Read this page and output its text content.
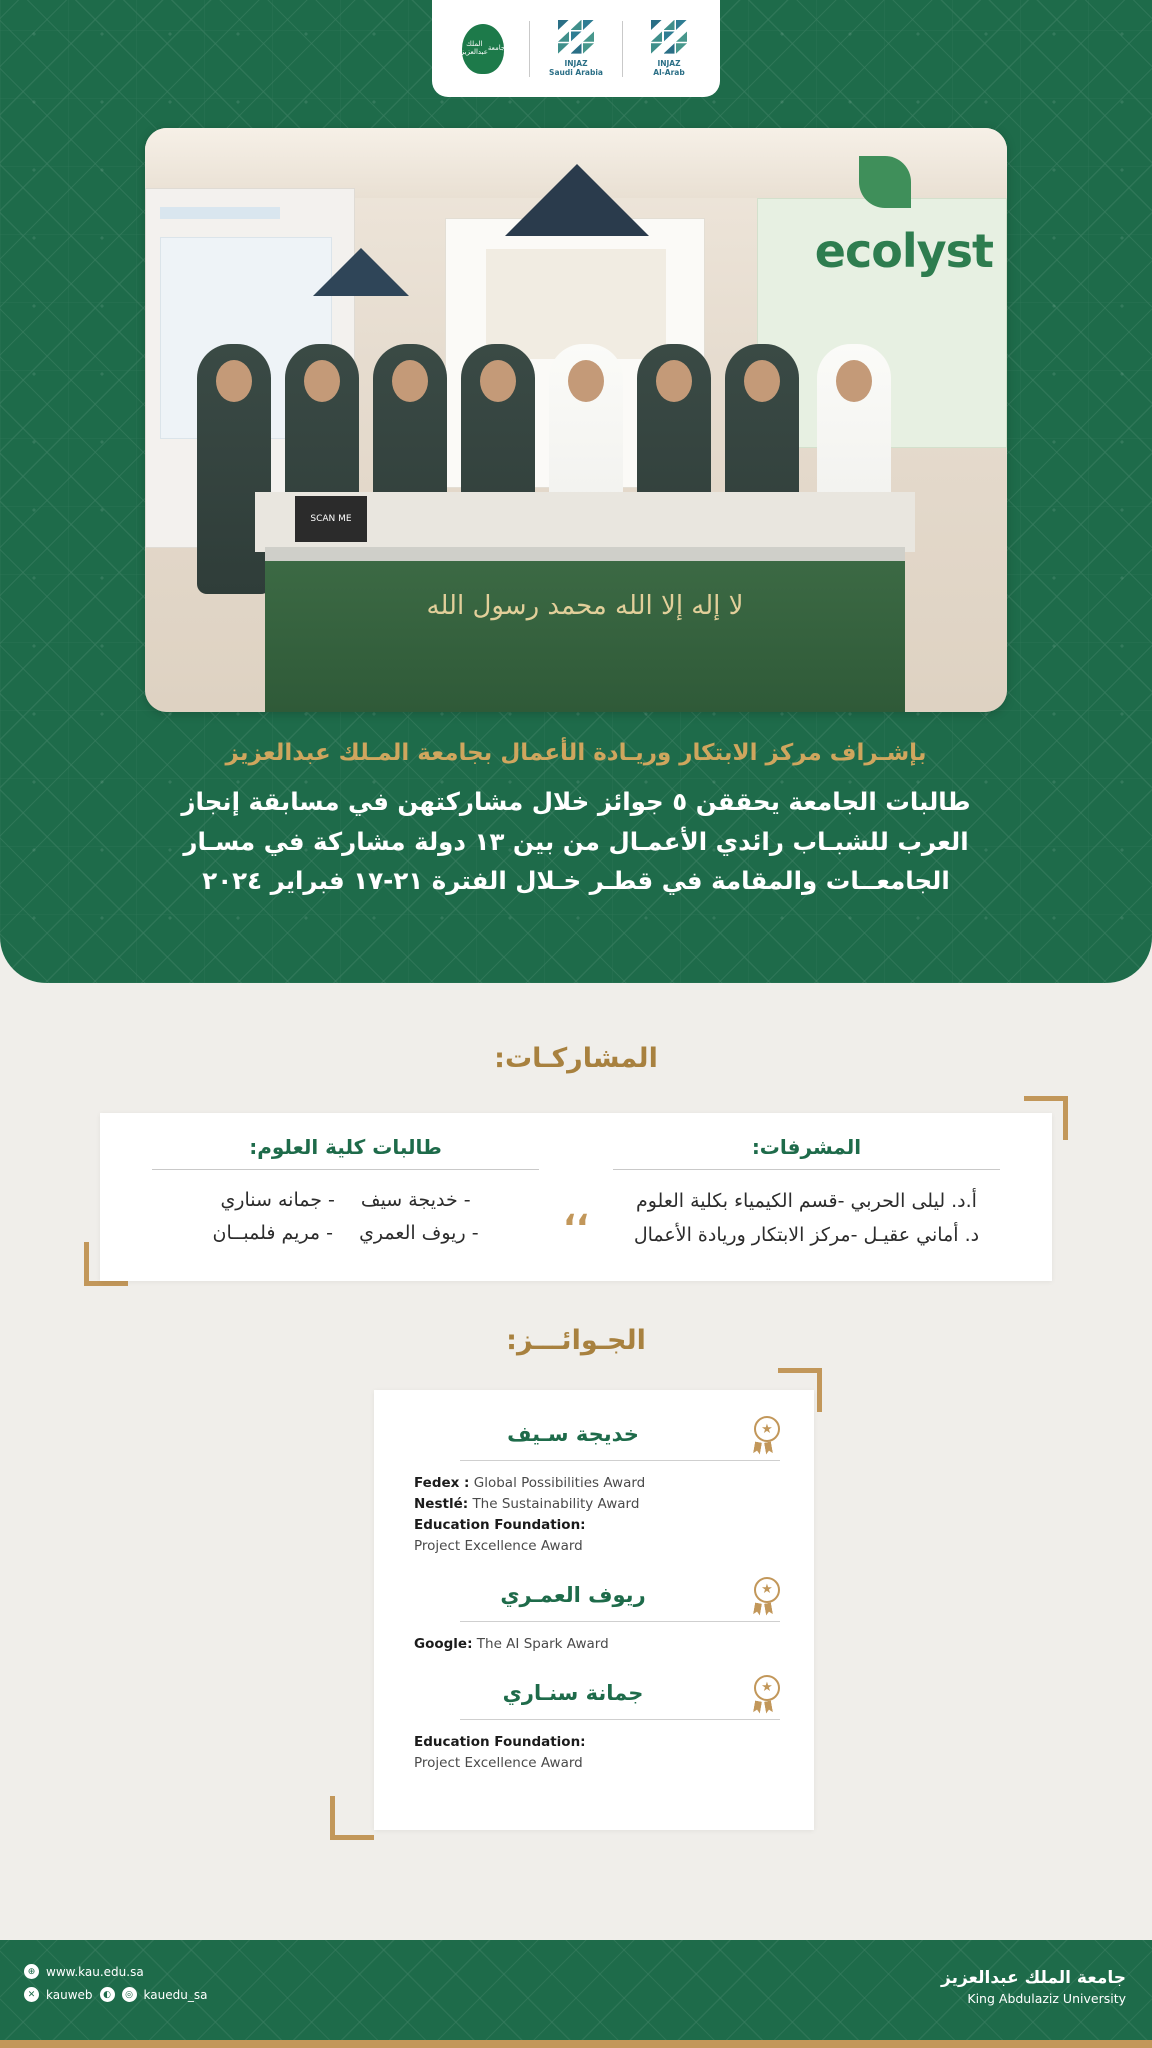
INJAZ
Al-Arab
INJAZ
Saudi Arabia
جامعة
الملك عبدالعزيز
ecolyst
SCAN ME
لا إله إلا الله محمد رسول الله
بإشـراف مركز الابتكار وريـادة الأعمال بجامعة المـلك عبدالعزيز
طالبات الجامعة يحققن ٥ جوائز خلال مشاركتهن في مسابقة إنجاز
العرب للشبـاب رائدي الأعمـال من بين ١٣ دولة مشاركة في مسـار
الجامعــات والمقامة في قطـر خـلال الفترة ٢١-١٧ فبراير ٢٠٢٤
المشاركـات:
طالبات كلية العلوم:
- خديجة سيف - جمانه سناري
- ريوف العمري - مريم فلمبــان	،،
المشرفات:
أ.د. ليلى الحربي -قسم الكيمياء بكلية العلوم
د. أماني عقيـل -مركز الابتكار وريادة الأعمال
الجـوائـــز:
★
خديجة سـيف
Fedex : Global Possibilities Award
Nestlé: The Sustainability Award
Education Foundation:
Project Excellence Award
★
ريوف العمـري
Google: The AI Spark Award
★
جمانة سنـاري
Education Foundation:
Project Excellence Award
⊕ www.kau.edu.sa
✕ kauweb	◐	◎ kauedu_sa
جامعة الملك عبدالعزيز
King Abdulaziz University
